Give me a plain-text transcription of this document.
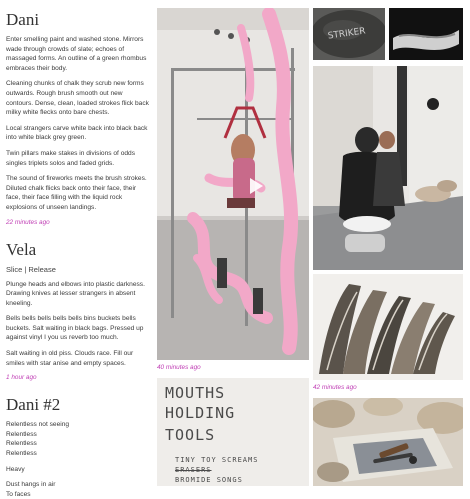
Dani

Enter smelling paint and washed stone. Mirrors wade through crowds of slate; echoes of massaged forms. An outline of a green rhombus embraces their body.

Cleaning chunks of chalk they scrub new forms outwards. Rough brush smooth out new contours. Dense, clean, loaded strokes flick back milky white flecks onto bare chests.

Local strangers carve white back into black back into white black grey green.

Twin pillars make stakes in divisions of odds singles triplets solos and faded grids.

The sound of fireworks meets the brush strokes. Diluted chalk flicks back onto their face, their face, their face filling with the liquid rock explosions of unseen landings.

22 minutes ago

Vela

Slice | Release

Plunge heads and elbows into plastic darkness. Drawing knives at lesser strangers in absent kneeling.

Bells bells bells bells bells bins buckets bells buckets. Salt waiting in black bags. Pressed up against vinyl I you us reverb too much.

Salt waiting in old piss. Clouds race. Fill our smiles with star anise and empty spaces.

1 hour ago

Dani #2

Relentless not seeing

Relentless

Relentless

Relentless

Heavy

Dust hangs in air

To faces

40 minutes ago
STRIKER
42 minutes ago
MOUTHS
HOLDING
TOOLS
TINY TOY SCREAMS
ERASERS
BROMIDE SONGS
